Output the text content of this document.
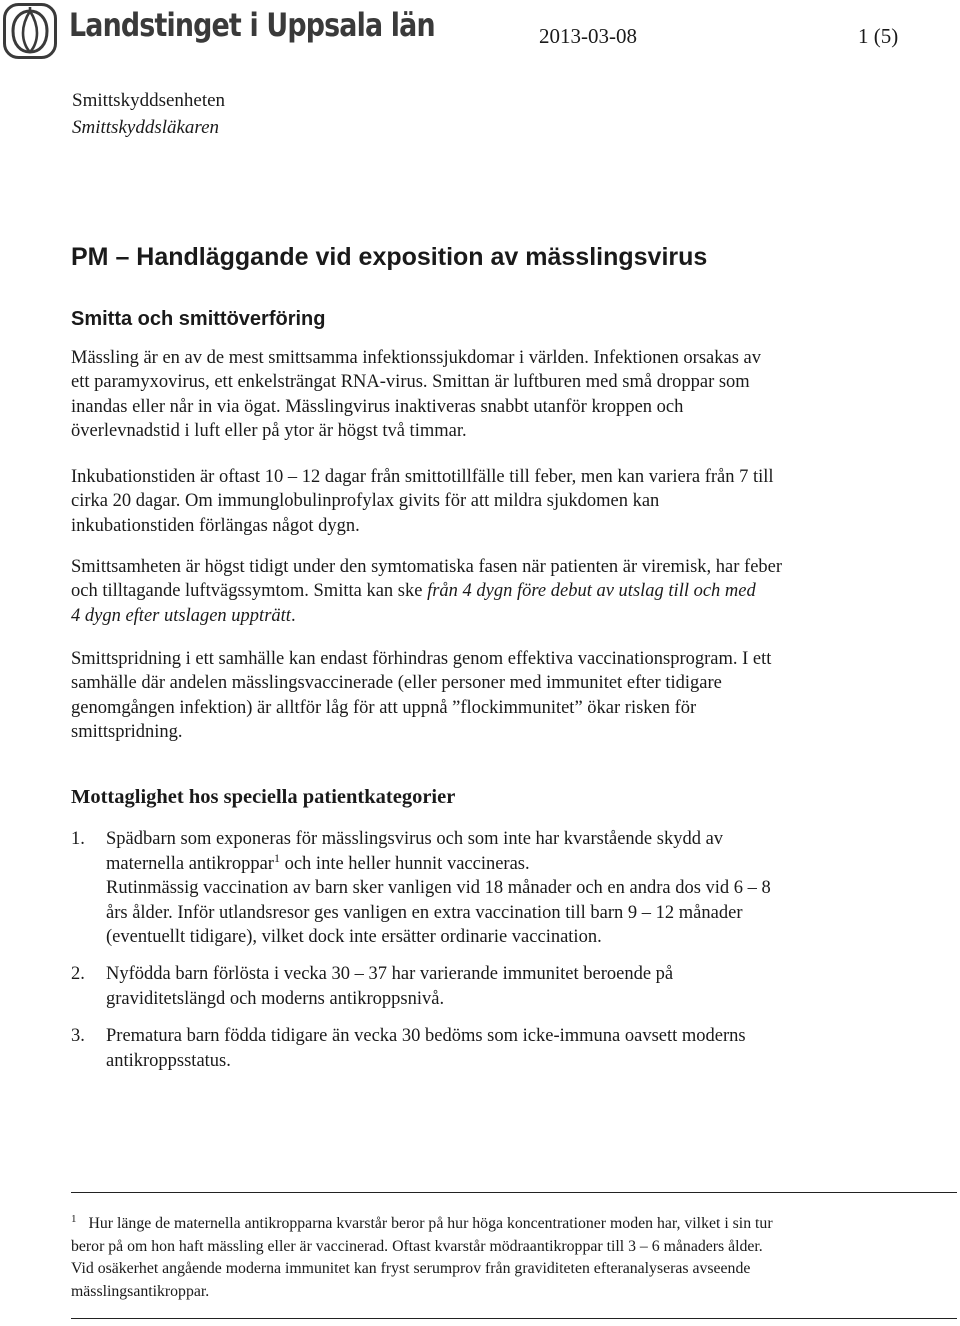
Landstinget i Uppsala län	2013-03-08	1 (5)
Smittskyddsenheten
Smittskyddsläkaren
PM – Handläggande vid exposition av mässlingsvirus
Smitta och smittöverföring
Mässling är en av de mest smittsamma infektionssjukdomar i världen. Infektionen orsakas av
ett paramyxovirus, ett enkelsträngat RNA-virus. Smittan är luftburen med små droppar som
inandas eller når in via ögat. Mässlingvirus inaktiveras snabbt utanför kroppen och
överlevnadstid i luft eller på ytor är högst två timmar.
Inkubationstiden är oftast 10 – 12 dagar från smittotillfälle till feber, men kan variera från 7 till
cirka 20 dagar. Om immunglobulinprofylax givits för att mildra sjukdomen kan
inkubationstiden förlängas något dygn.
Smittsamheten är högst tidigt under den symtomatiska fasen när patienten är viremisk, har feber
och tilltagande luftvägssymtom. Smitta kan ske från 4 dygn före debut av utslag till och med
4 dygn efter utslagen uppträtt.
Smittspridning i ett samhälle kan endast förhindras genom effektiva vaccinationsprogram. I ett
samhälle där andelen mässlingsvaccinerade (eller personer med immunitet efter tidigare
genomgången infektion) är alltför låg för att uppnå ”flockimmunitet” ökar risken för
smittspridning.
Mottaglighet hos speciella patientkategorier
1. Spädbarn som exponeras för mässlingsvirus och som inte har kvarstående skydd av
maternella antikroppar$^1$ och inte heller hunnit vaccineras.
Rutinmässig vaccination av barn sker vanligen vid 18 månader och en andra dos vid 6 – 8
års ålder. Inför utlandsresor ges vanligen en extra vaccination till barn 9 – 12 månader
(eventuellt tidigare), vilket dock inte ersätter ordinarie vaccination.
2. Nyfödda barn förlösta i vecka 30 – 37 har varierande immunitet beroende på
graviditetslängd och moderns antikroppsnivå.
3. Prematura barn födda tidigare än vecka 30 bedöms som icke-immuna oavsett moderns
antikroppsstatus.
$^1$ Hur länge de maternella antikropparna kvarstår beror på hur höga koncentrationer moden har, vilket i sin tur
beror på om hon haft mässling eller är vaccinerad. Oftast kvarstår mödraantikroppar till 3 – 6 månaders ålder.
Vid osäkerhet angående moderna immunitet kan fryst serumprov från graviditeten efteranalyseras avseende
mässlingsantikroppar.
